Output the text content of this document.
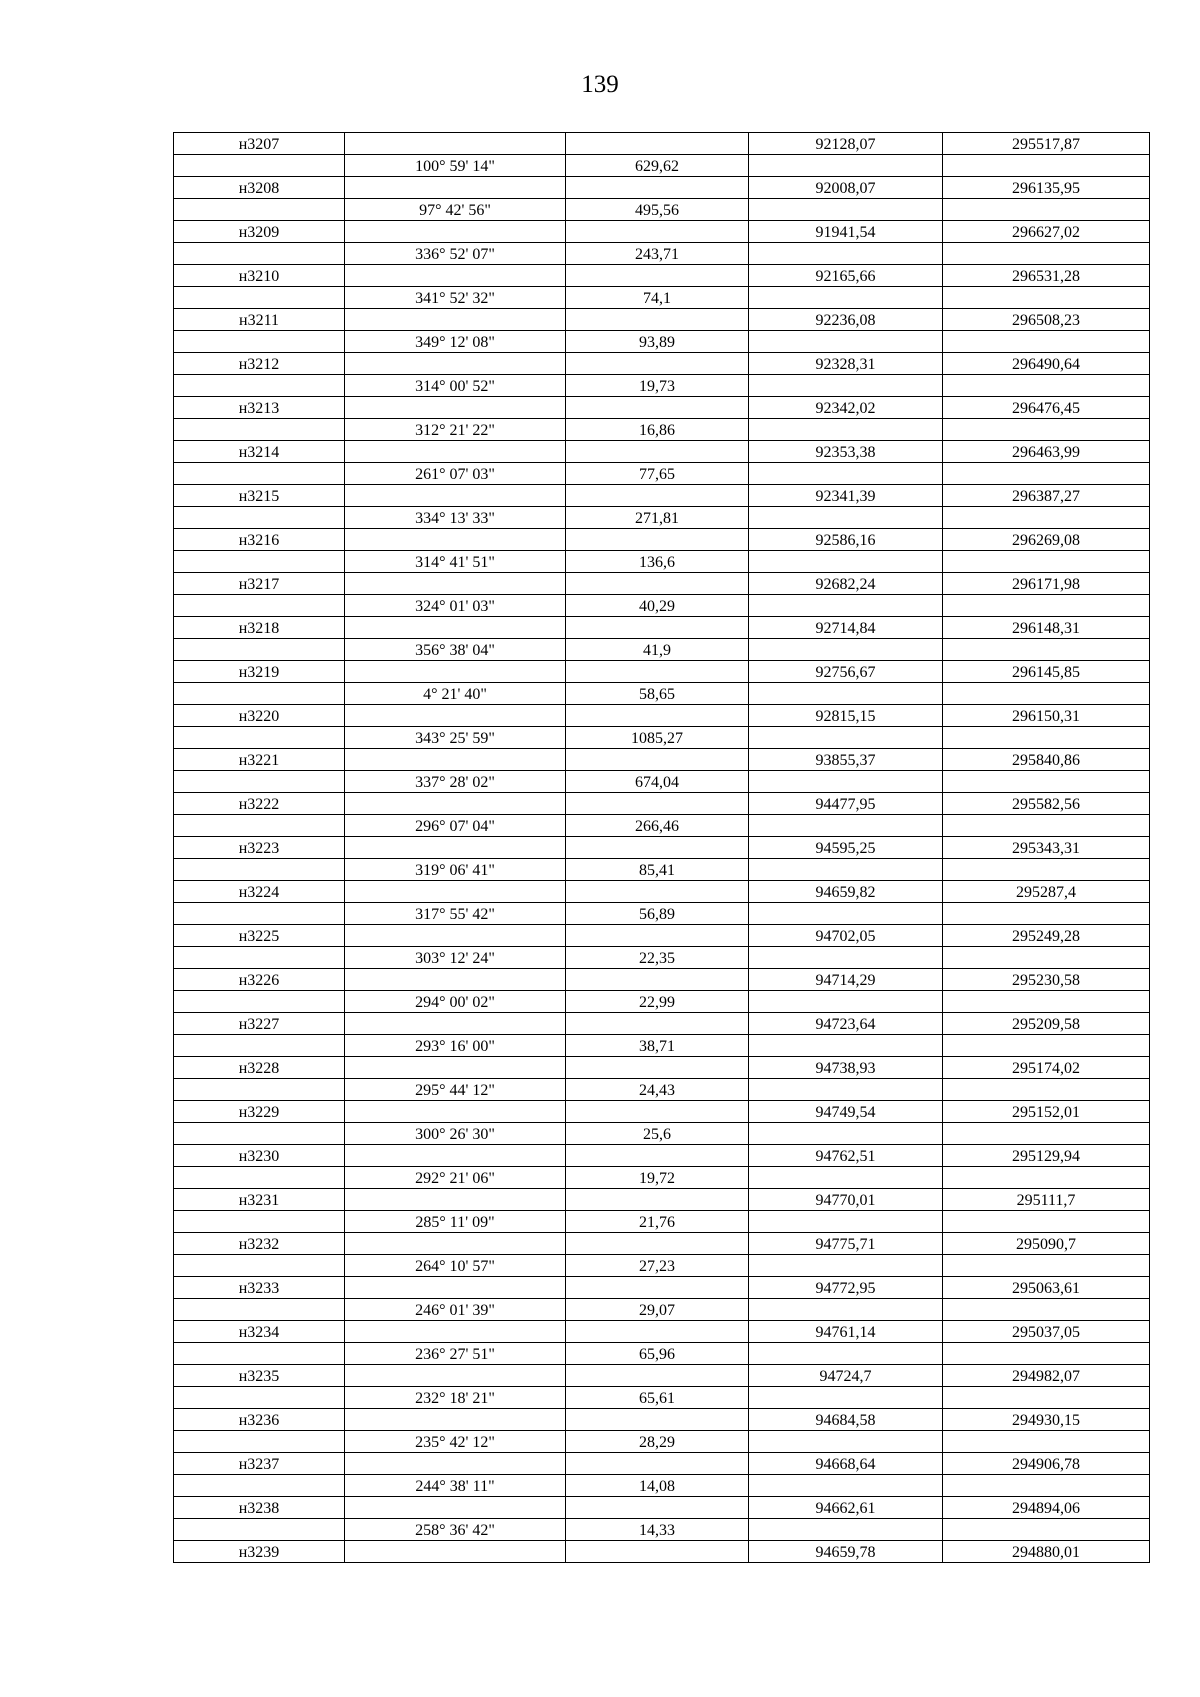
139
н3207			92128,07	295517,87
	100° 59' 14"	629,62		
н3208			92008,07	296135,95
	97° 42' 56"	495,56		
н3209			91941,54	296627,02
	336° 52' 07"	243,71		
н3210			92165,66	296531,28
	341° 52' 32"	74,1		
н3211			92236,08	296508,23
	349° 12' 08"	93,89		
н3212			92328,31	296490,64
	314° 00' 52"	19,73		
н3213			92342,02	296476,45
	312° 21' 22"	16,86		
н3214			92353,38	296463,99
	261° 07' 03"	77,65		
н3215			92341,39	296387,27
	334° 13' 33"	271,81		
н3216			92586,16	296269,08
	314° 41' 51"	136,6		
н3217			92682,24	296171,98
	324° 01' 03"	40,29		
н3218			92714,84	296148,31
	356° 38' 04"	41,9		
н3219			92756,67	296145,85
	4° 21' 40"	58,65		
н3220			92815,15	296150,31
	343° 25' 59"	1085,27		
н3221			93855,37	295840,86
	337° 28' 02"	674,04		
н3222			94477,95	295582,56
	296° 07' 04"	266,46		
н3223			94595,25	295343,31
	319° 06' 41"	85,41		
н3224			94659,82	295287,4
	317° 55' 42"	56,89		
н3225			94702,05	295249,28
	303° 12' 24"	22,35		
н3226			94714,29	295230,58
	294° 00' 02"	22,99		
н3227			94723,64	295209,58
	293° 16' 00"	38,71		
н3228			94738,93	295174,02
	295° 44' 12"	24,43		
н3229			94749,54	295152,01
	300° 26' 30"	25,6		
н3230			94762,51	295129,94
	292° 21' 06"	19,72		
н3231			94770,01	295111,7
	285° 11' 09"	21,76		
н3232			94775,71	295090,7
	264° 10' 57"	27,23		
н3233			94772,95	295063,61
	246° 01' 39"	29,07		
н3234			94761,14	295037,05
	236° 27' 51"	65,96		
н3235			94724,7	294982,07
	232° 18' 21"	65,61		
н3236			94684,58	294930,15
	235° 42' 12"	28,29		
н3237			94668,64	294906,78
	244° 38' 11"	14,08		
н3238			94662,61	294894,06
	258° 36' 42"	14,33		
н3239			94659,78	294880,01
